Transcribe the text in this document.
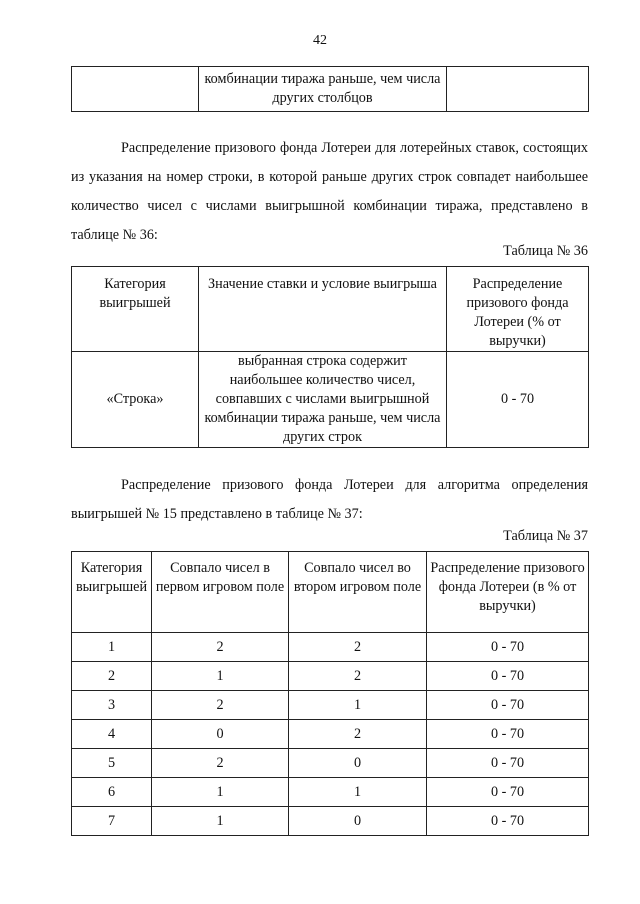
42
	комбинации тиража раньше, чем числа других столбцов	
Распределение призового фонда Лотереи для лотерейных ставок, состоящих из указания на номер строки, в которой раньше других строк совпадет наибольшее количество чисел с числами выигрышной комбинации тиража, представлено в таблице № 36:
Таблица № 36
Категория выигрышей	Значение ставки и условие выигрыша	Распределение призового фонда Лотереи (% от выручки)
«Строка»	выбранная строка содержит наибольшее количество чисел, совпавших с числами выигрышной комбинации тиража раньше, чем числа других строк	0 - 70
Распределение призового фонда Лотереи для алгоритма определения выигрышей № 15 представлено в таблице № 37:
Таблица № 37
Категория выигрышей	Совпало чисел в первом игровом поле	Совпало чисел во втором игровом поле	Распределение призового фонда Лотереи (в % от выручки)
1	2	2	0 - 70
2	1	2	0 - 70
3	2	1	0 - 70
4	0	2	0 - 70
5	2	0	0 - 70
6	1	1	0 - 70
7	1	0	0 - 70
